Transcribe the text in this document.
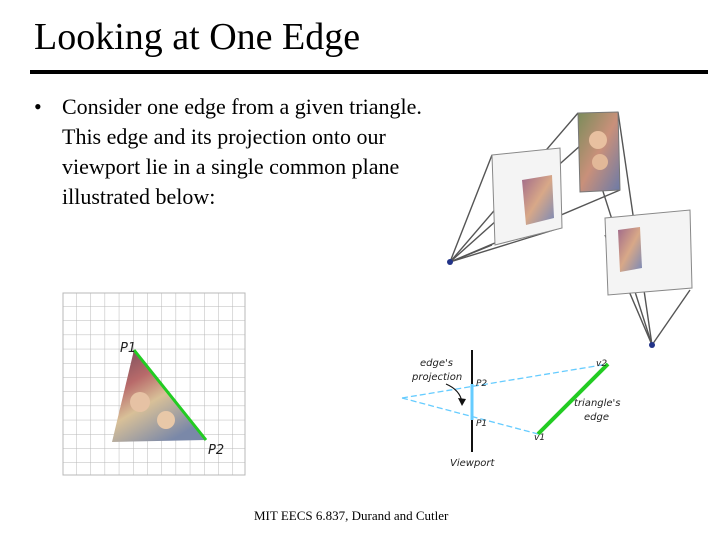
Looking at One Edge
• Consider one edge from a given triangle. This edge and its projection onto our viewport lie in a single common plane illustrated below:
P1
P2
edge's
projection
triangle's
edge
Viewport
P2
P1
v2
v1
MIT EECS 6.837, Durand and Cutler
